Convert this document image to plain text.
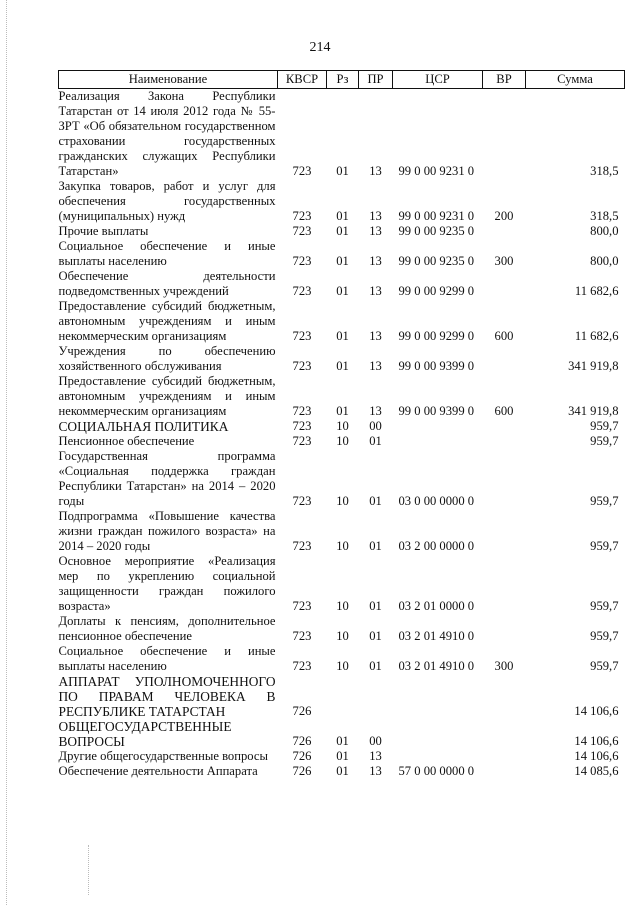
214
Наименование	КВСР	Рз	ПР	ЦСР	ВР	Сумма
Реализация Закона Республики Татарстан от 14 июля 2012 года № 55-ЗРТ «Об обязательном государственном страховании государственных гражданских служащих Республики Татарстан»	723	01	13	99 0 00 9231 0		318,5
Закупка товаров, работ и услуг для обеспечения государственных (муниципальных) нужд	723	01	13	99 0 00 9231 0	200	318,5
Прочие выплаты	723	01	13	99 0 00 9235 0		800,0
Социальное обеспечение и иные выплаты населению	723	01	13	99 0 00 9235 0	300	800,0
Обеспечение деятельности подведомственных учреждений	723	01	13	99 0 00 9299 0		11 682,6
Предоставление субсидий бюджетным, автономным учреждениям и иным некоммерческим организациям	723	01	13	99 0 00 9299 0	600	11 682,6
Учреждения по обеспечению хозяйственного обслуживания	723	01	13	99 0 00 9399 0		341 919,8
Предоставление субсидий бюджетным, автономным учреждениям и иным некоммерческим организациям	723	01	13	99 0 00 9399 0	600	341 919,8
СОЦИАЛЬНАЯ ПОЛИТИКА	723	10	00			959,7
Пенсионное обеспечение	723	10	01			959,7
Государственная программа «Социальная поддержка граждан Республики Татарстан» на 2014 – 2020 годы	723	10	01	03 0 00 0000 0		959,7
Подпрограмма «Повышение качества жизни граждан пожилого возраста» на 2014 – 2020 годы	723	10	01	03 2 00 0000 0		959,7
Основное мероприятие «Реализация мер по укреплению социальной защищенности граждан пожилого возраста»	723	10	01	03 2 01 0000 0		959,7
Доплаты к пенсиям, дополнительное пенсионное обеспечение	723	10	01	03 2 01 4910 0		959,7
Социальное обеспечение и иные выплаты населению	723	10	01	03 2 01 4910 0	300	959,7
АППАРАТ УПОЛНОМОЧЕННОГО ПО ПРАВАМ ЧЕЛОВЕКА В РЕСПУБЛИКЕ ТАТАРСТАН	726					14 106,6
ОБЩЕГОСУДАРСТВЕННЫЕ ВОПРОСЫ	726	01	00			14 106,6
Другие общегосударственные вопросы	726	01	13			14 106,6
Обеспечение деятельности Аппарата	726	01	13	57 0 00 0000 0		14 085,6
